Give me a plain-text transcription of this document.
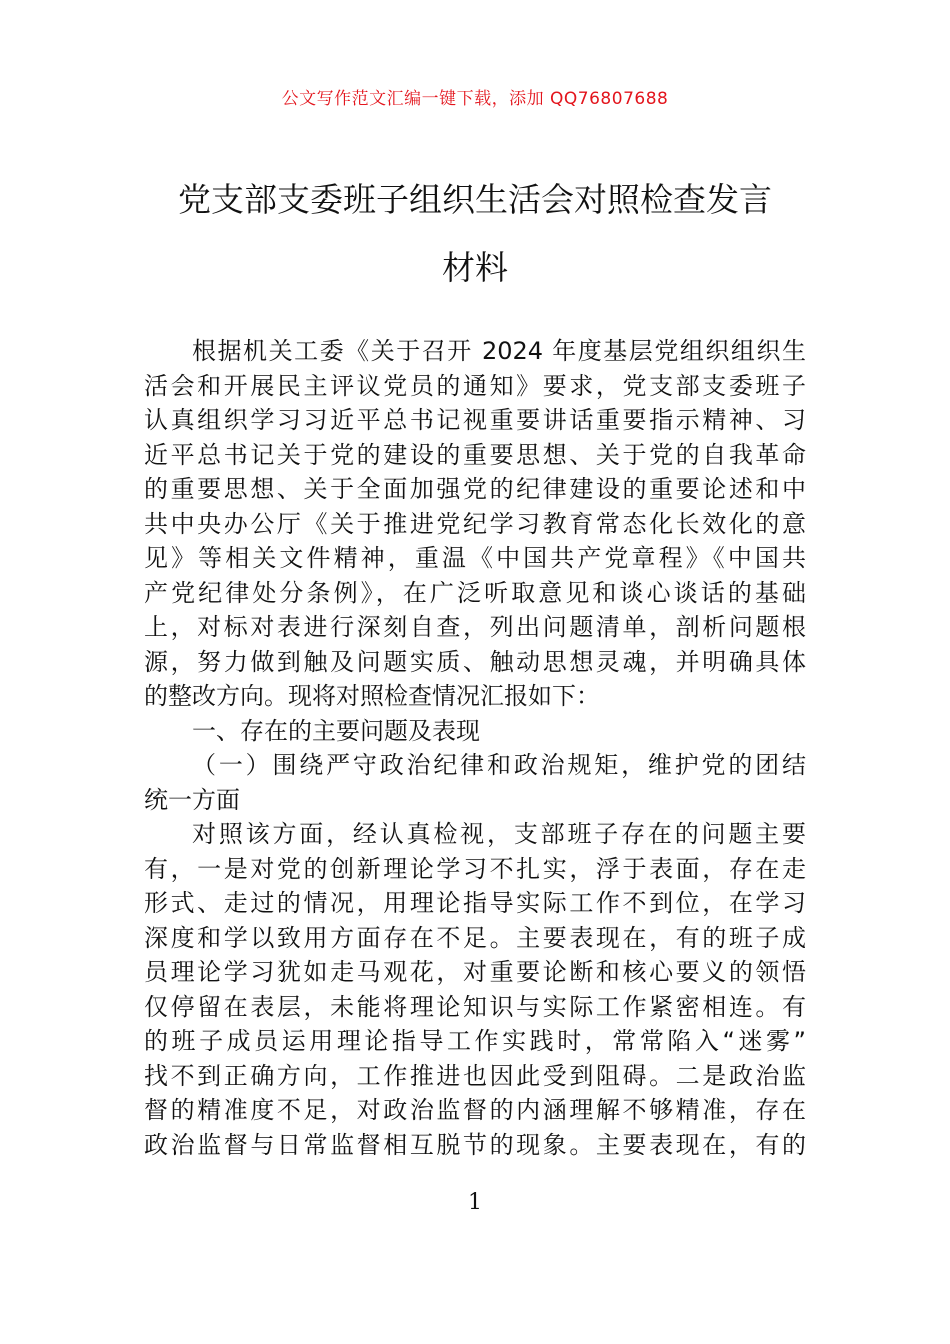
公文写作范文汇编一键下载，添加 QQ76807688
党支部支委班子组织生活会对照检查发言
材料
根据机关工委《关于召开 2024 年度基层党组织组织生
活会和开展民主评议党员的通知》要求，党支部支委班子
认真组织学习习近平总书记视重要讲话重要指示精神、习
近平总书记关于党的建设的重要思想、关于党的自我革命
的重要思想、关于全面加强党的纪律建设的重要论述和中
共中央办公厅《关于推进党纪学习教育常态化长效化的意
见》等相关文件精神，重温《中国共产党章程》《中国共
产党纪律处分条例》，在广泛听取意见和谈心谈话的基础
上，对标对表进行深刻自查，列出问题清单，剖析问题根
源，努力做到触及问题实质、触动思想灵魂，并明确具体
的整改方向。现将对照检查情况汇报如下：
一、存在的主要问题及表现
（一）围绕严守政治纪律和政治规矩，维护党的团结
统一方面
对照该方面，经认真检视，支部班子存在的问题主要
有，一是对党的创新理论学习不扎实，浮于表面，存在走
形式、走过的情况，用理论指导实际工作不到位，在学习
深度和学以致用方面存在不足。主要表现在，有的班子成
员理论学习犹如走马观花，对重要论断和核心要义的领悟
仅停留在表层，未能将理论知识与实际工作紧密相连。有
的班子成员运用理论指导工作实践时，常常陷入“迷雾”
找不到正确方向，工作推进也因此受到阻碍。二是政治监
督的精准度不足，对政治监督的内涵理解不够精准，存在
政治监督与日常监督相互脱节的现象。主要表现在，有的
1
